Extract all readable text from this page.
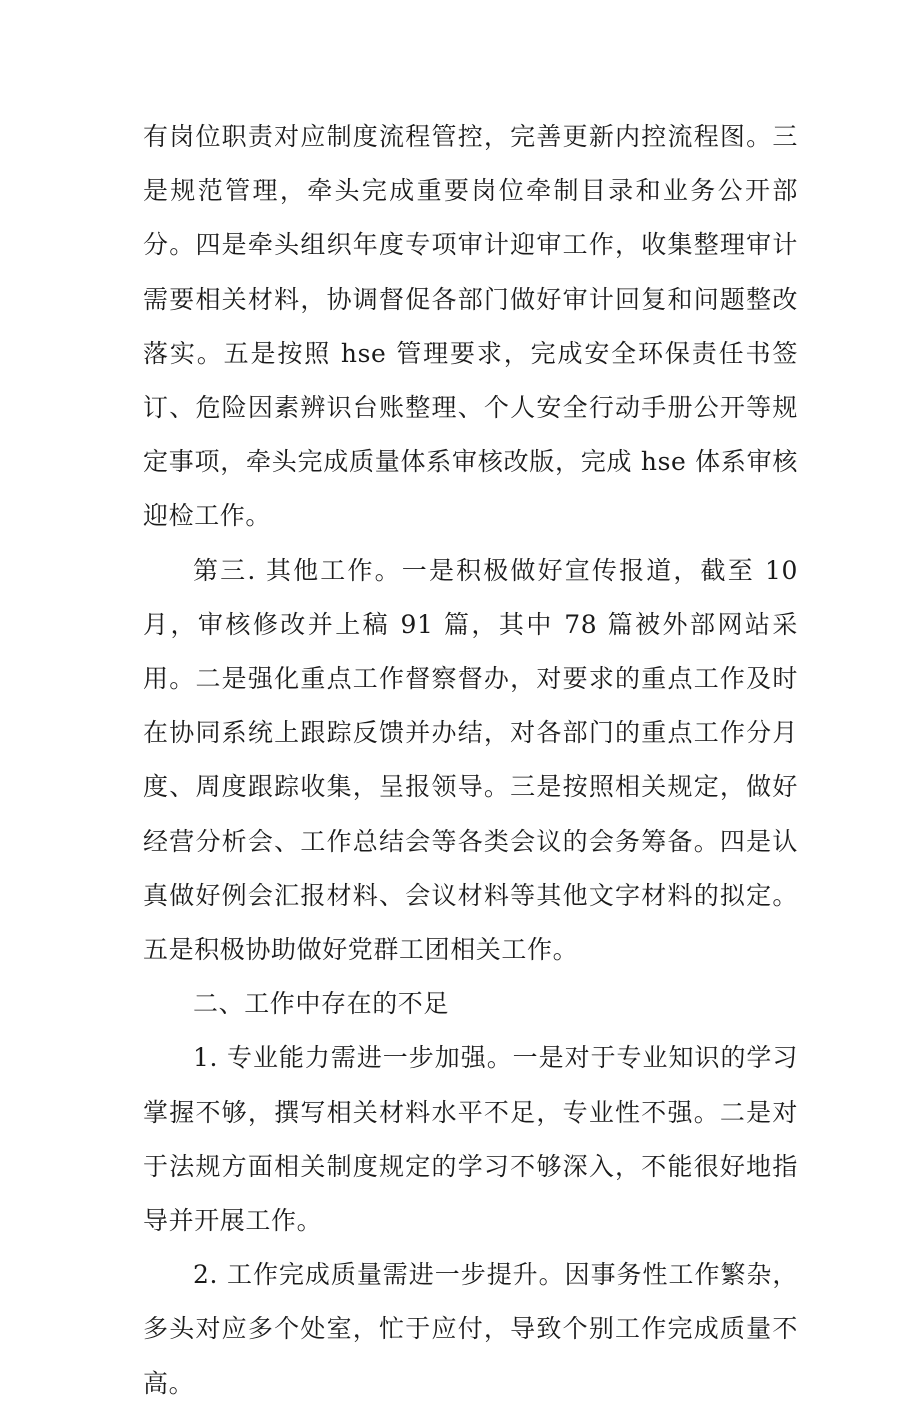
有岗位职责对应制度流程管控，完善更新内控流程图。三是规范管理，牵头完成重要岗位牵制目录和业务公开部分。四是牵头组织年度专项审计迎审工作，收集整理审计需要相关材料，协调督促各部门做好审计回复和问题整改落实。五是按照 hse 管理要求，完成安全环保责任书签订、危险因素辨识台账整理、个人安全行动手册公开等规定事项，牵头完成质量体系审核改版，完成 hse 体系审核迎检工作。

第三. 其他工作。一是积极做好宣传报道，截至 10 月，审核修改并上稿 91 篇，其中 78 篇被外部网站采用。二是强化重点工作督察督办，对要求的重点工作及时在协同系统上跟踪反馈并办结，对各部门的重点工作分月度、周度跟踪收集，呈报领导。三是按照相关规定，做好经营分析会、工作总结会等各类会议的会务筹备。四是认真做好例会汇报材料、会议材料等其他文字材料的拟定。五是积极协助做好党群工团相关工作。

二、工作中存在的不足

1. 专业能力需进一步加强。一是对于专业知识的学习掌握不够，撰写相关材料水平不足，专业性不强。二是对于法规方面相关制度规定的学习不够深入，不能很好地指导并开展工作。

2. 工作完成质量需进一步提升。因事务性工作繁杂，多头对应多个处室，忙于应付，导致个别工作完成质量不高。
